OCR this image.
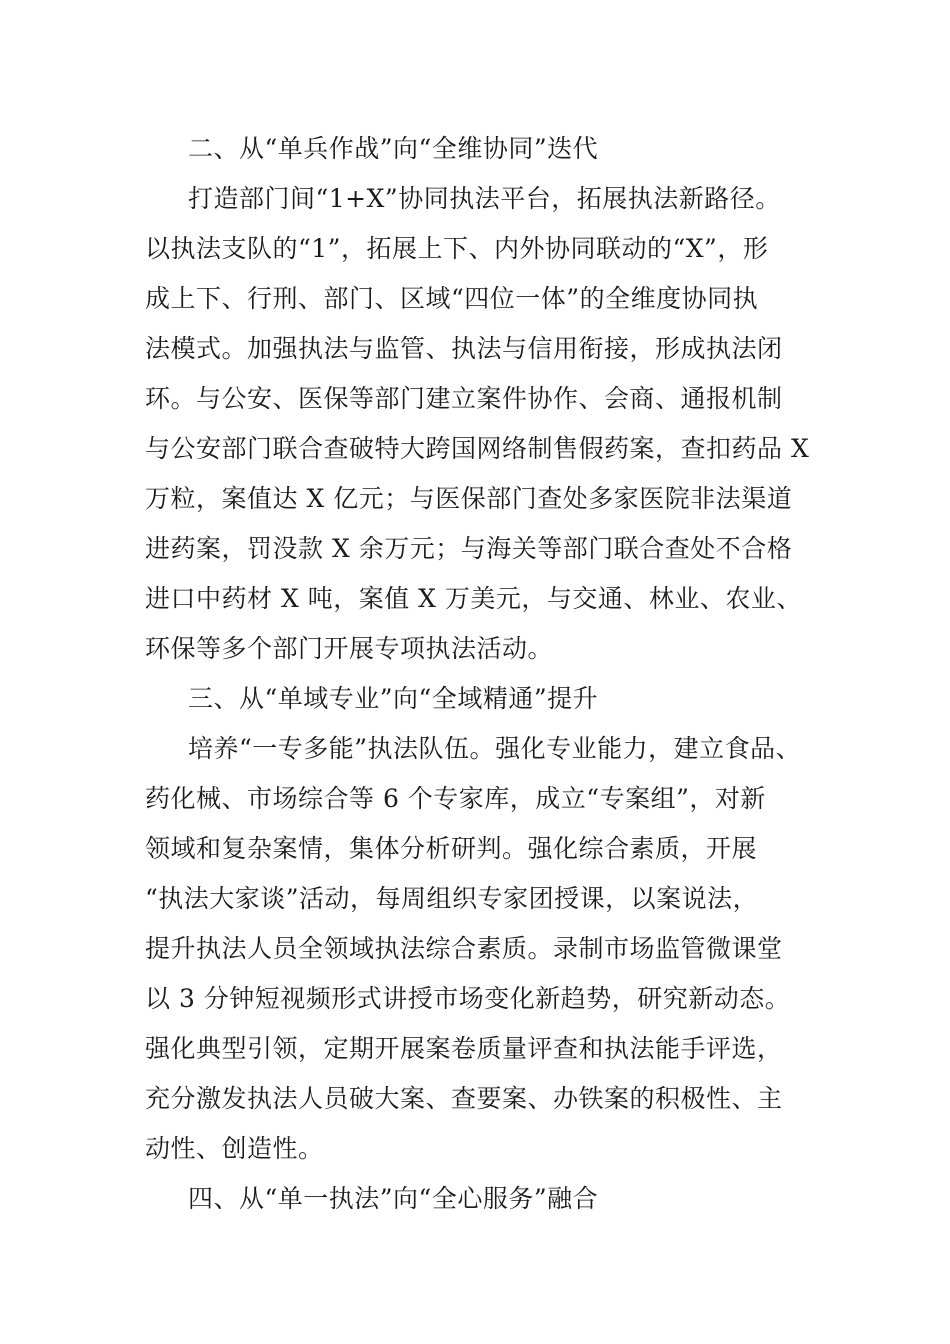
二、从“单兵作战”向“全维协同”迭代
打造部门间“1+X”协同执法平台，拓展执法新路径。
以执法支队的“1”，拓展上下、内外协同联动的“X”，形
成上下、行刑、部门、区域“四位一体”的全维度协同执
法模式。加强执法与监管、执法与信用衔接，形成执法闭
环。与公安、医保等部门建立案件协作、会商、通报机制
与公安部门联合查破特大跨国网络制售假药案，查扣药品 X
万粒，案值达 X 亿元；与医保部门查处多家医院非法渠道
进药案，罚没款 X 余万元；与海关等部门联合查处不合格
进口中药材 X 吨，案值 X 万美元，与交通、林业、农业、
环保等多个部门开展专项执法活动。
三、从“单域专业”向“全域精通”提升
培养“一专多能”执法队伍。强化专业能力，建立食品、
药化械、市场综合等 6 个专家库，成立“专案组”，对新
领域和复杂案情，集体分析研判。强化综合素质，开展
“执法大家谈”活动，每周组织专家团授课，以案说法，
提升执法人员全领域执法综合素质。录制市场监管微课堂
以 3 分钟短视频形式讲授市场变化新趋势，研究新动态。
强化典型引领，定期开展案卷质量评查和执法能手评选，
充分激发执法人员破大案、查要案、办铁案的积极性、主
动性、创造性。
四、从“单一执法”向“全心服务”融合
